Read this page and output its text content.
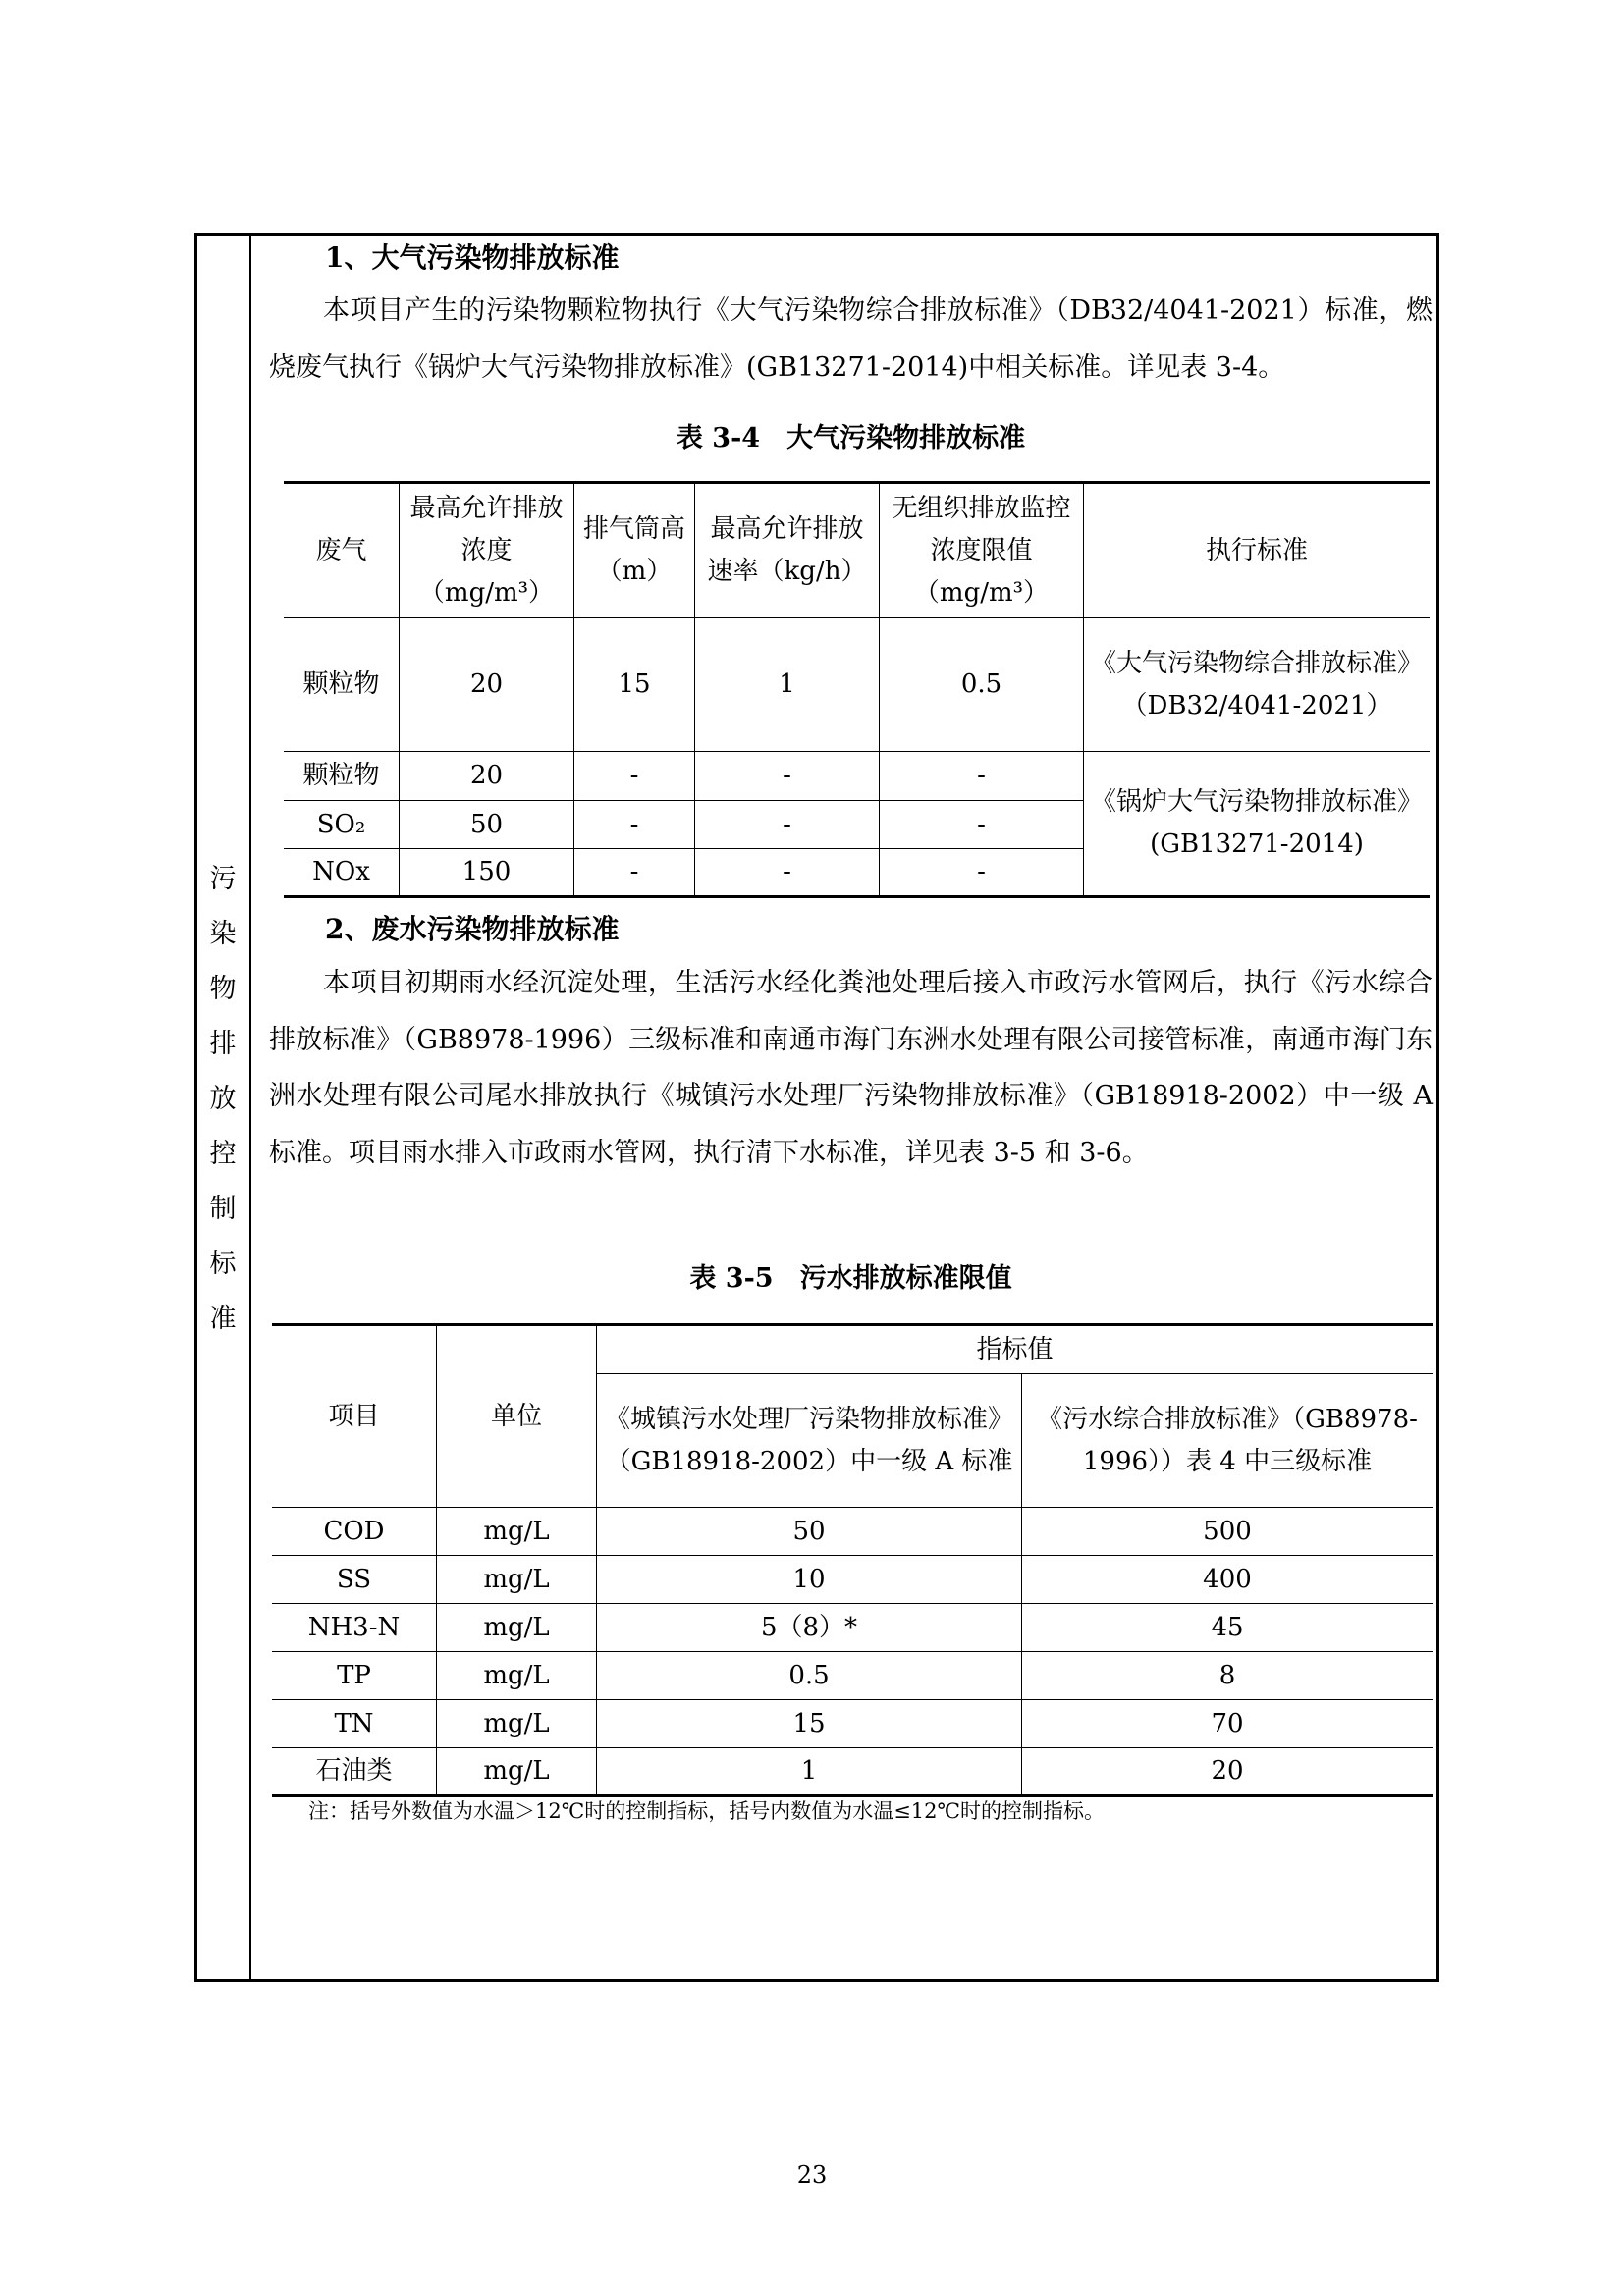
污
染
物
排
放
控
制
标
准
1、大气污染物排放标准
本项目产生的污染物颗粒物执行《大气污染物综合排放标准》（DB32/4041-2021）标准，燃烧废气执行《锅炉大气污染物排放标准》(GB13271-2014)中相关标准。详见表 3-4。
表 3-4　大气污染物排放标准
废气	最高允许排放浓度（mg/m³）	排气筒高（m）	最高允许排放速率（kg/h）	无组织排放监控浓度限值（mg/m³）	执行标准
颗粒物	20	15	1	0.5	《大气污染物综合排放标准》（DB32/4041-2021）
颗粒物	20	-	-	-	《锅炉大气污染物排放标准》(GB13271-2014)
SO₂	50	-	-	-	
NOx	150	-	-	-	
2、废水污染物排放标准
本项目初期雨水经沉淀处理，生活污水经化粪池处理后接入市政污水管网后，执行《污水综合排放标准》（GB8978-1996）三级标准和南通市海门东洲水处理有限公司接管标准，南通市海门东洲水处理有限公司尾水排放执行《城镇污水处理厂污染物排放标准》（GB18918-2002）中一级 A 标准。项目雨水排入市政雨水管网，执行清下水标准，详见表 3-5 和 3-6。
表 3-5　污水排放标准限值
项目	单位	指标值	
		《城镇污水处理厂污染物排放标准》（GB18918-2002）中一级 A 标准	《污水综合排放标准》（GB8978-1996））表 4 中三级标准
COD	mg/L	50	500
SS	mg/L	10	400
NH3-N	mg/L	5（8）*	45
TP	mg/L	0.5	8
TN	mg/L	15	70
石油类	mg/L	1	20
注：括号外数值为水温＞12℃时的控制指标，括号内数值为水温≤12℃时的控制指标。
23
